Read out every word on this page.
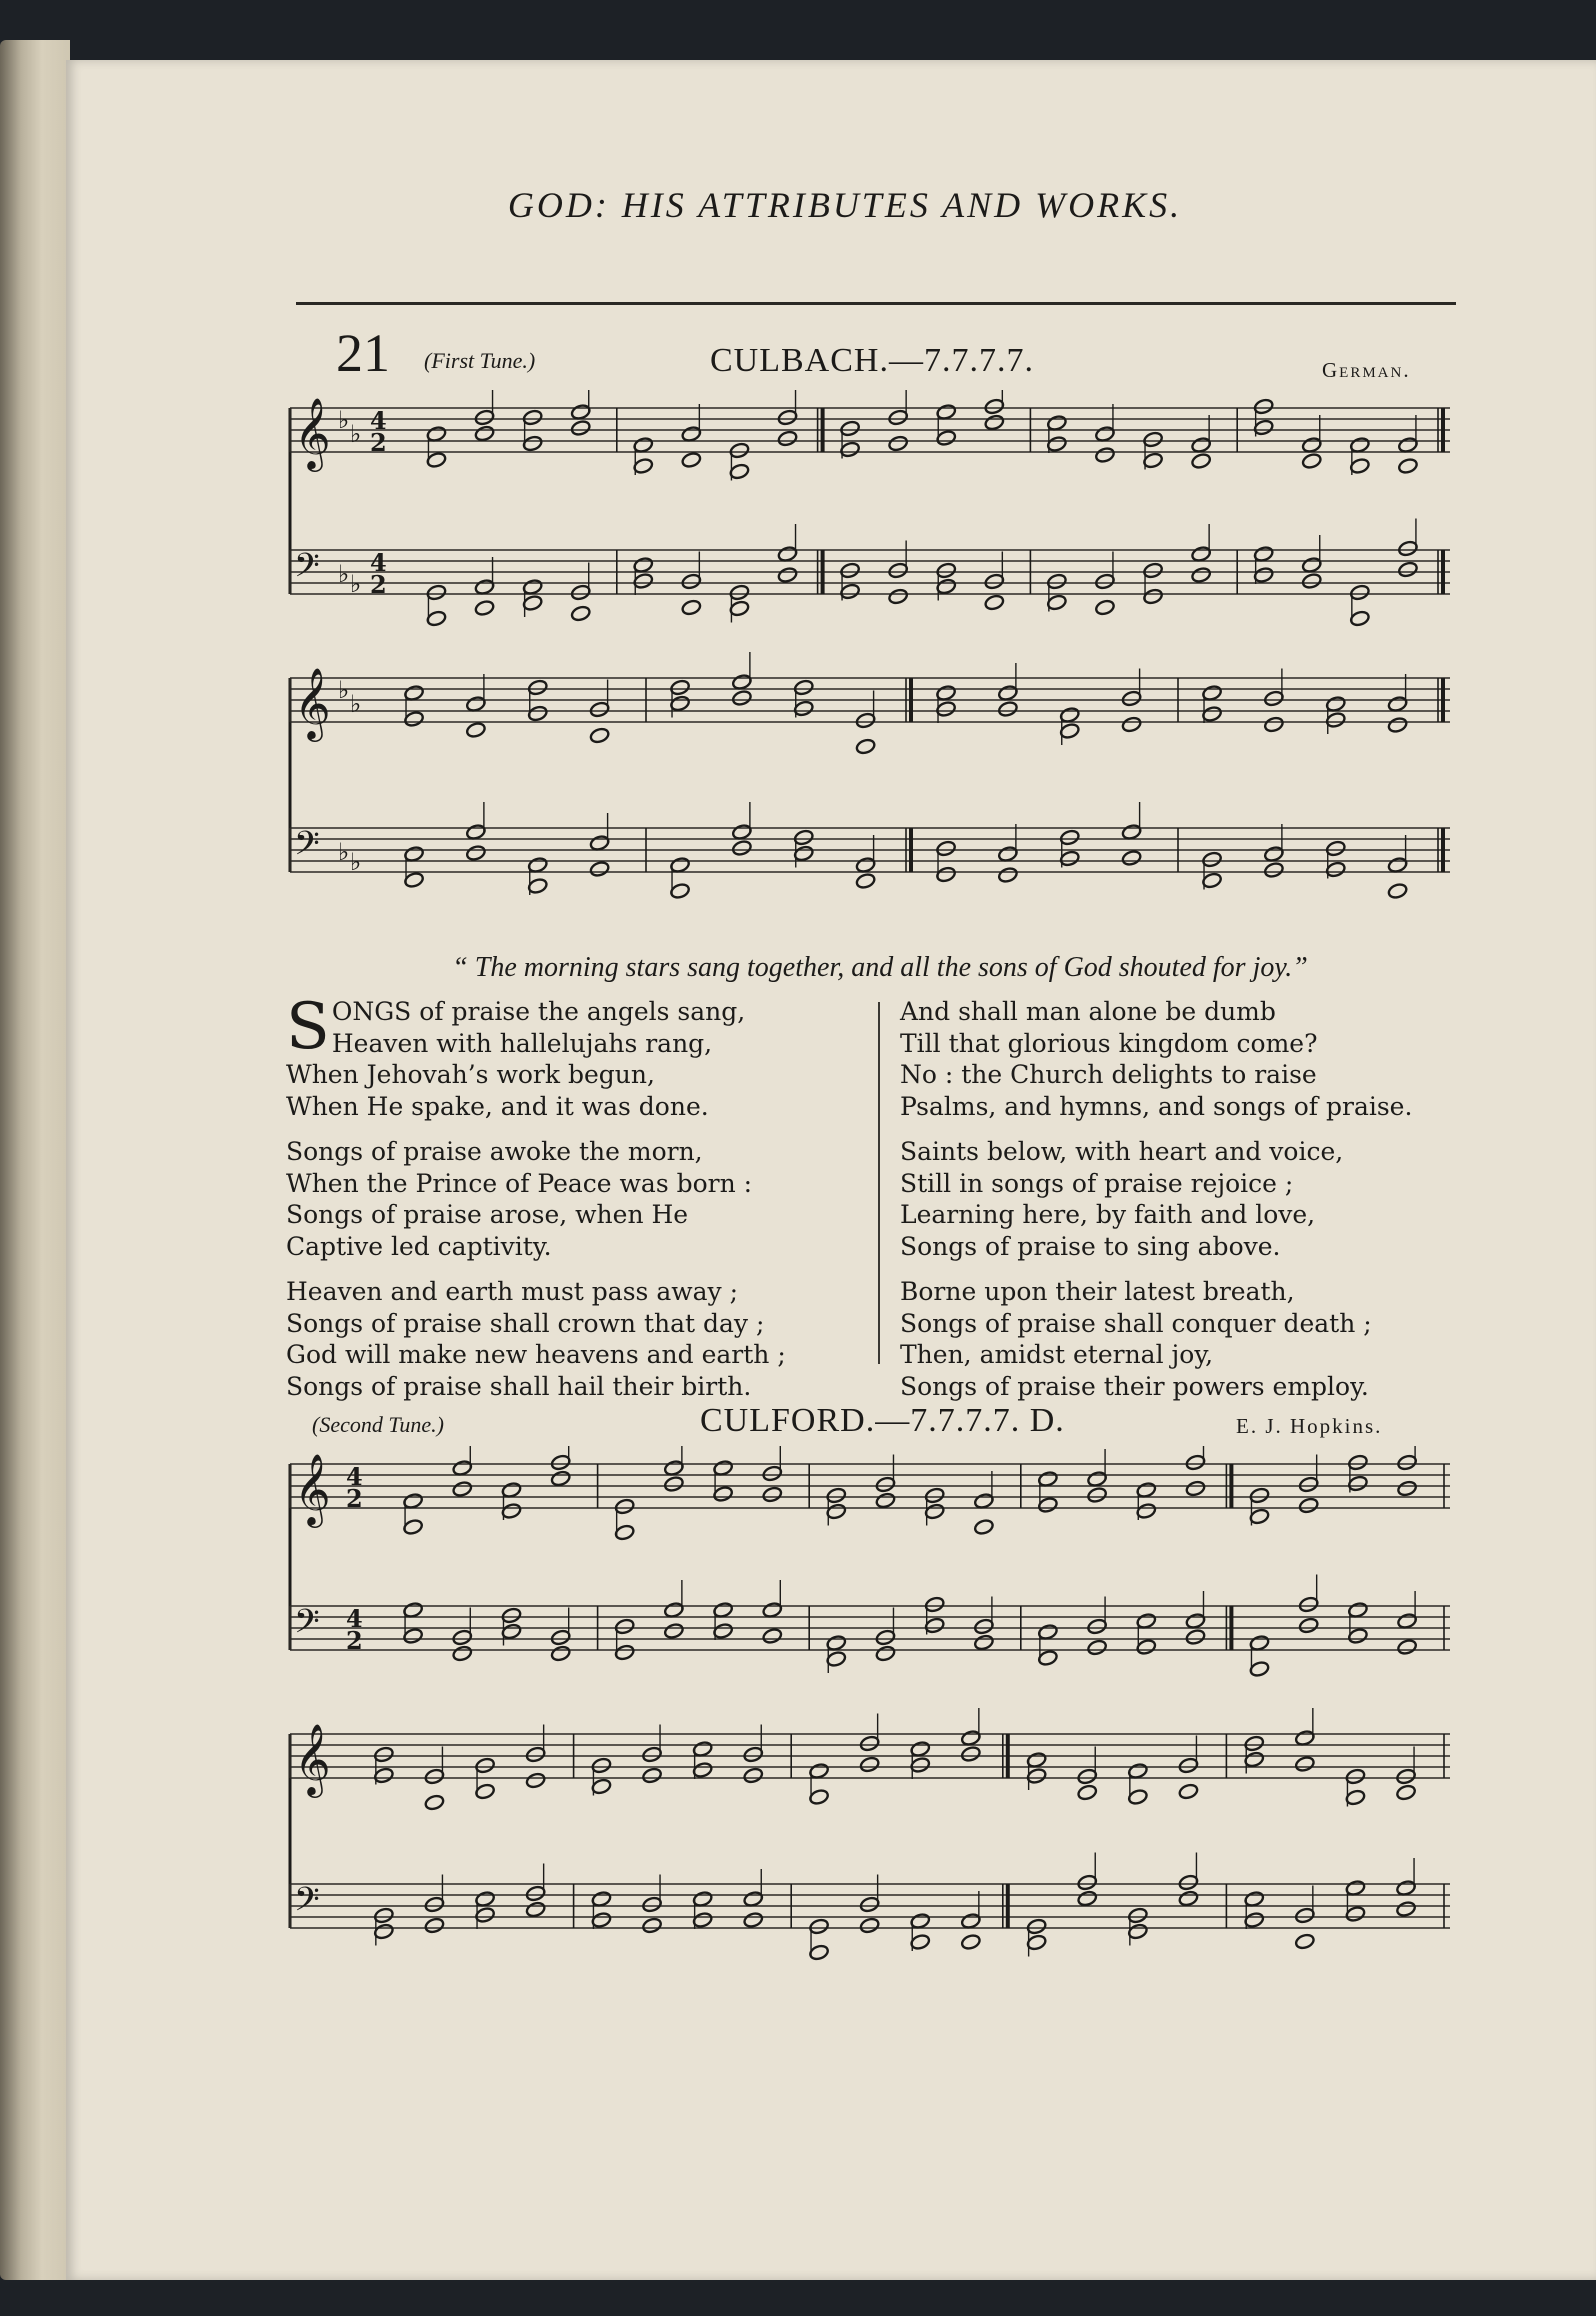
GOD: HIS ATTRIBUTES AND WORKS.
21 (First Tune.)	CULBACH.—7.7.7.7.	German.
𝄞 ♭ ♭ 4
2
𝄢 ♭ ♭
4
2
𝄞 ♭ ♭
𝄢 ♭ ♭
“ The morning stars sang together, and all the sons of God shouted for joy.”
S ONGS of praise the angels sang,
Heaven with hallelujahs rang,
When Jehovah’s work begun,
When He spake, and it was done.
Songs of praise awoke the morn,
When the Prince of Peace was born :
Songs of praise arose, when He
Captive led captivity.
Heaven and earth must pass away ;
Songs of praise shall crown that day ;
God will make new heavens and earth ;
Songs of praise shall hail their birth.
And shall man alone be dumb
Till that glorious kingdom come?
No : the Church delights to raise
Psalms, and hymns, and songs of praise.
Saints below, with heart and voice,
Still in songs of praise rejoice ;
Learning here, by faith and love,
Songs of praise to sing above.
Borne upon their latest breath,
Songs of praise shall conquer death ;
Then, amidst eternal joy,
Songs of praise their powers employ.
(Second Tune.)	CULFORD.—7.7.7.7. D.	E. J. Hopkins.
𝄞 4
2
𝄢 4
2
𝄞
𝄢
